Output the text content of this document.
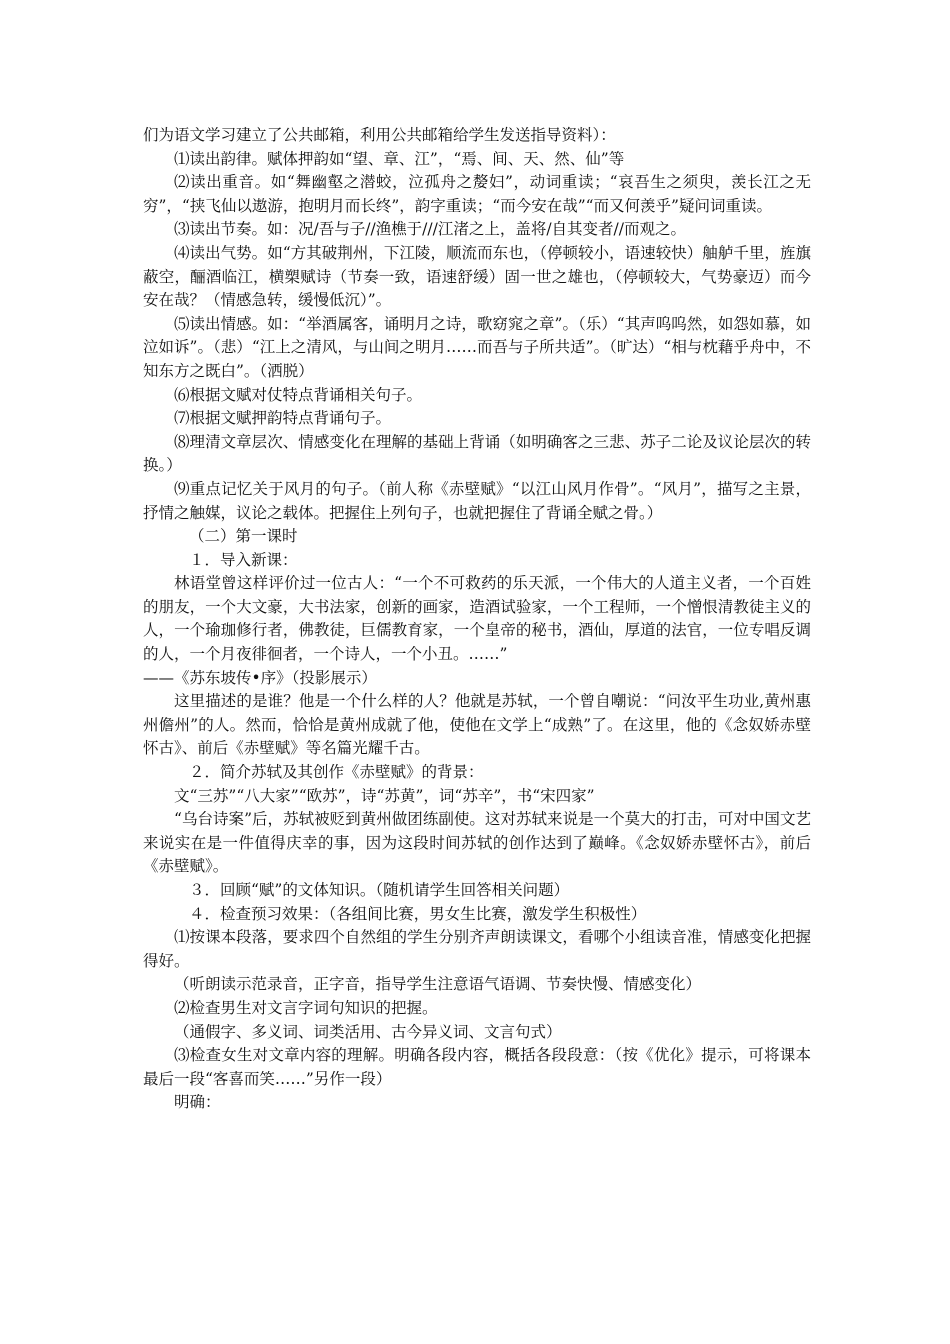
们为语文学习建立了公共邮箱，利用公共邮箱给学生发送指导资料）：

⑴读出韵律。赋体押韵如“望、章、江”，“焉、间、天、然、仙”等

⑵读出重音。如“舞幽壑之潜蛟，泣孤舟之嫠妇”，动词重读；“哀吾生之须臾，羡长江之无穷”，“挟飞仙以遨游，抱明月而长终”，韵字重读；“而今安在哉”“而又何羡乎”疑问词重读。

⑶读出节奏。如：况/吾与子//渔樵于///江渚之上，盖将/自其变者//而观之。

⑷读出气势。如“方其破荆州，下江陵，顺流而东也，（停顿较小，语速较快）舳舻千里，旌旗蔽空，酾酒临江，横槊赋诗（节奏一致，语速舒缓）固一世之雄也，（停顿较大，气势豪迈）而今安在哉？（情感急转，缓慢低沉）”。

⑸读出情感。如：“举酒属客，诵明月之诗，歌窈窕之章”。（乐）“其声呜呜然，如怨如慕，如泣如诉”。（悲）“江上之清风，与山间之明月……而吾与子所共适”。（旷达）“相与枕藉乎舟中，不知东方之既白”。（洒脱）

⑹根据文赋对仗特点背诵相关句子。

⑺根据文赋押韵特点背诵句子。

⑻理清文章层次、情感变化在理解的基础上背诵（如明确客之三悲、苏子二论及议论层次的转换。）

⑼重点记忆关于风月的句子。（前人称《赤壁赋》“以江山风月作骨”。“风月”，描写之主景，抒情之触媒，议论之载体。把握住上列句子，也就把握住了背诵全赋之骨。）

（二）第一课时

１．导入新课：

林语堂曾这样评价过一位古人：“一个不可救药的乐天派，一个伟大的人道主义者，一个百姓的朋友，一个大文豪，大书法家，创新的画家，造酒试验家，一个工程师，一个憎恨清教徒主义的人，一个瑜珈修行者，佛教徒，巨儒教育家，一个皇帝的秘书，酒仙，厚道的法官，一位专唱反调的人，一个月夜徘徊者，一个诗人，一个小丑。……”

——《苏东坡传•序》（投影展示）

这里描述的是谁？他是一个什么样的人？他就是苏轼，一个曾自嘲说：“问汝平生功业,黄州惠州儋州”的人。然而，恰恰是黄州成就了他，使他在文学上“成熟”了。在这里，他的《念奴娇赤壁怀古》、前后《赤壁赋》等名篇光耀千古。

２．简介苏轼及其创作《赤壁赋》的背景：

文“三苏”“八大家”“欧苏”，诗“苏黄”，词“苏辛”，书“宋四家”

“乌台诗案”后，苏轼被贬到黄州做团练副使。这对苏轼来说是一个莫大的打击，可对中国文艺来说实在是一件值得庆幸的事，因为这段时间苏轼的创作达到了巅峰。《念奴娇赤壁怀古》，前后《赤壁赋》。

３．回顾“赋”的文体知识。（随机请学生回答相关问题）

４．检查预习效果：（各组间比赛，男女生比赛，激发学生积极性）

⑴按课本段落，要求四个自然组的学生分别齐声朗读课文，看哪个小组读音准，情感变化把握得好。

（听朗读示范录音，正字音，指导学生注意语气语调、节奏快慢、情感变化）

⑵检查男生对文言字词句知识的把握。

（通假字、多义词、词类活用、古今异义词、文言句式）

⑶检查女生对文章内容的理解。明确各段内容，概括各段段意：（按《优化》提示，可将课本最后一段“客喜而笑……”另作一段）

明确：
